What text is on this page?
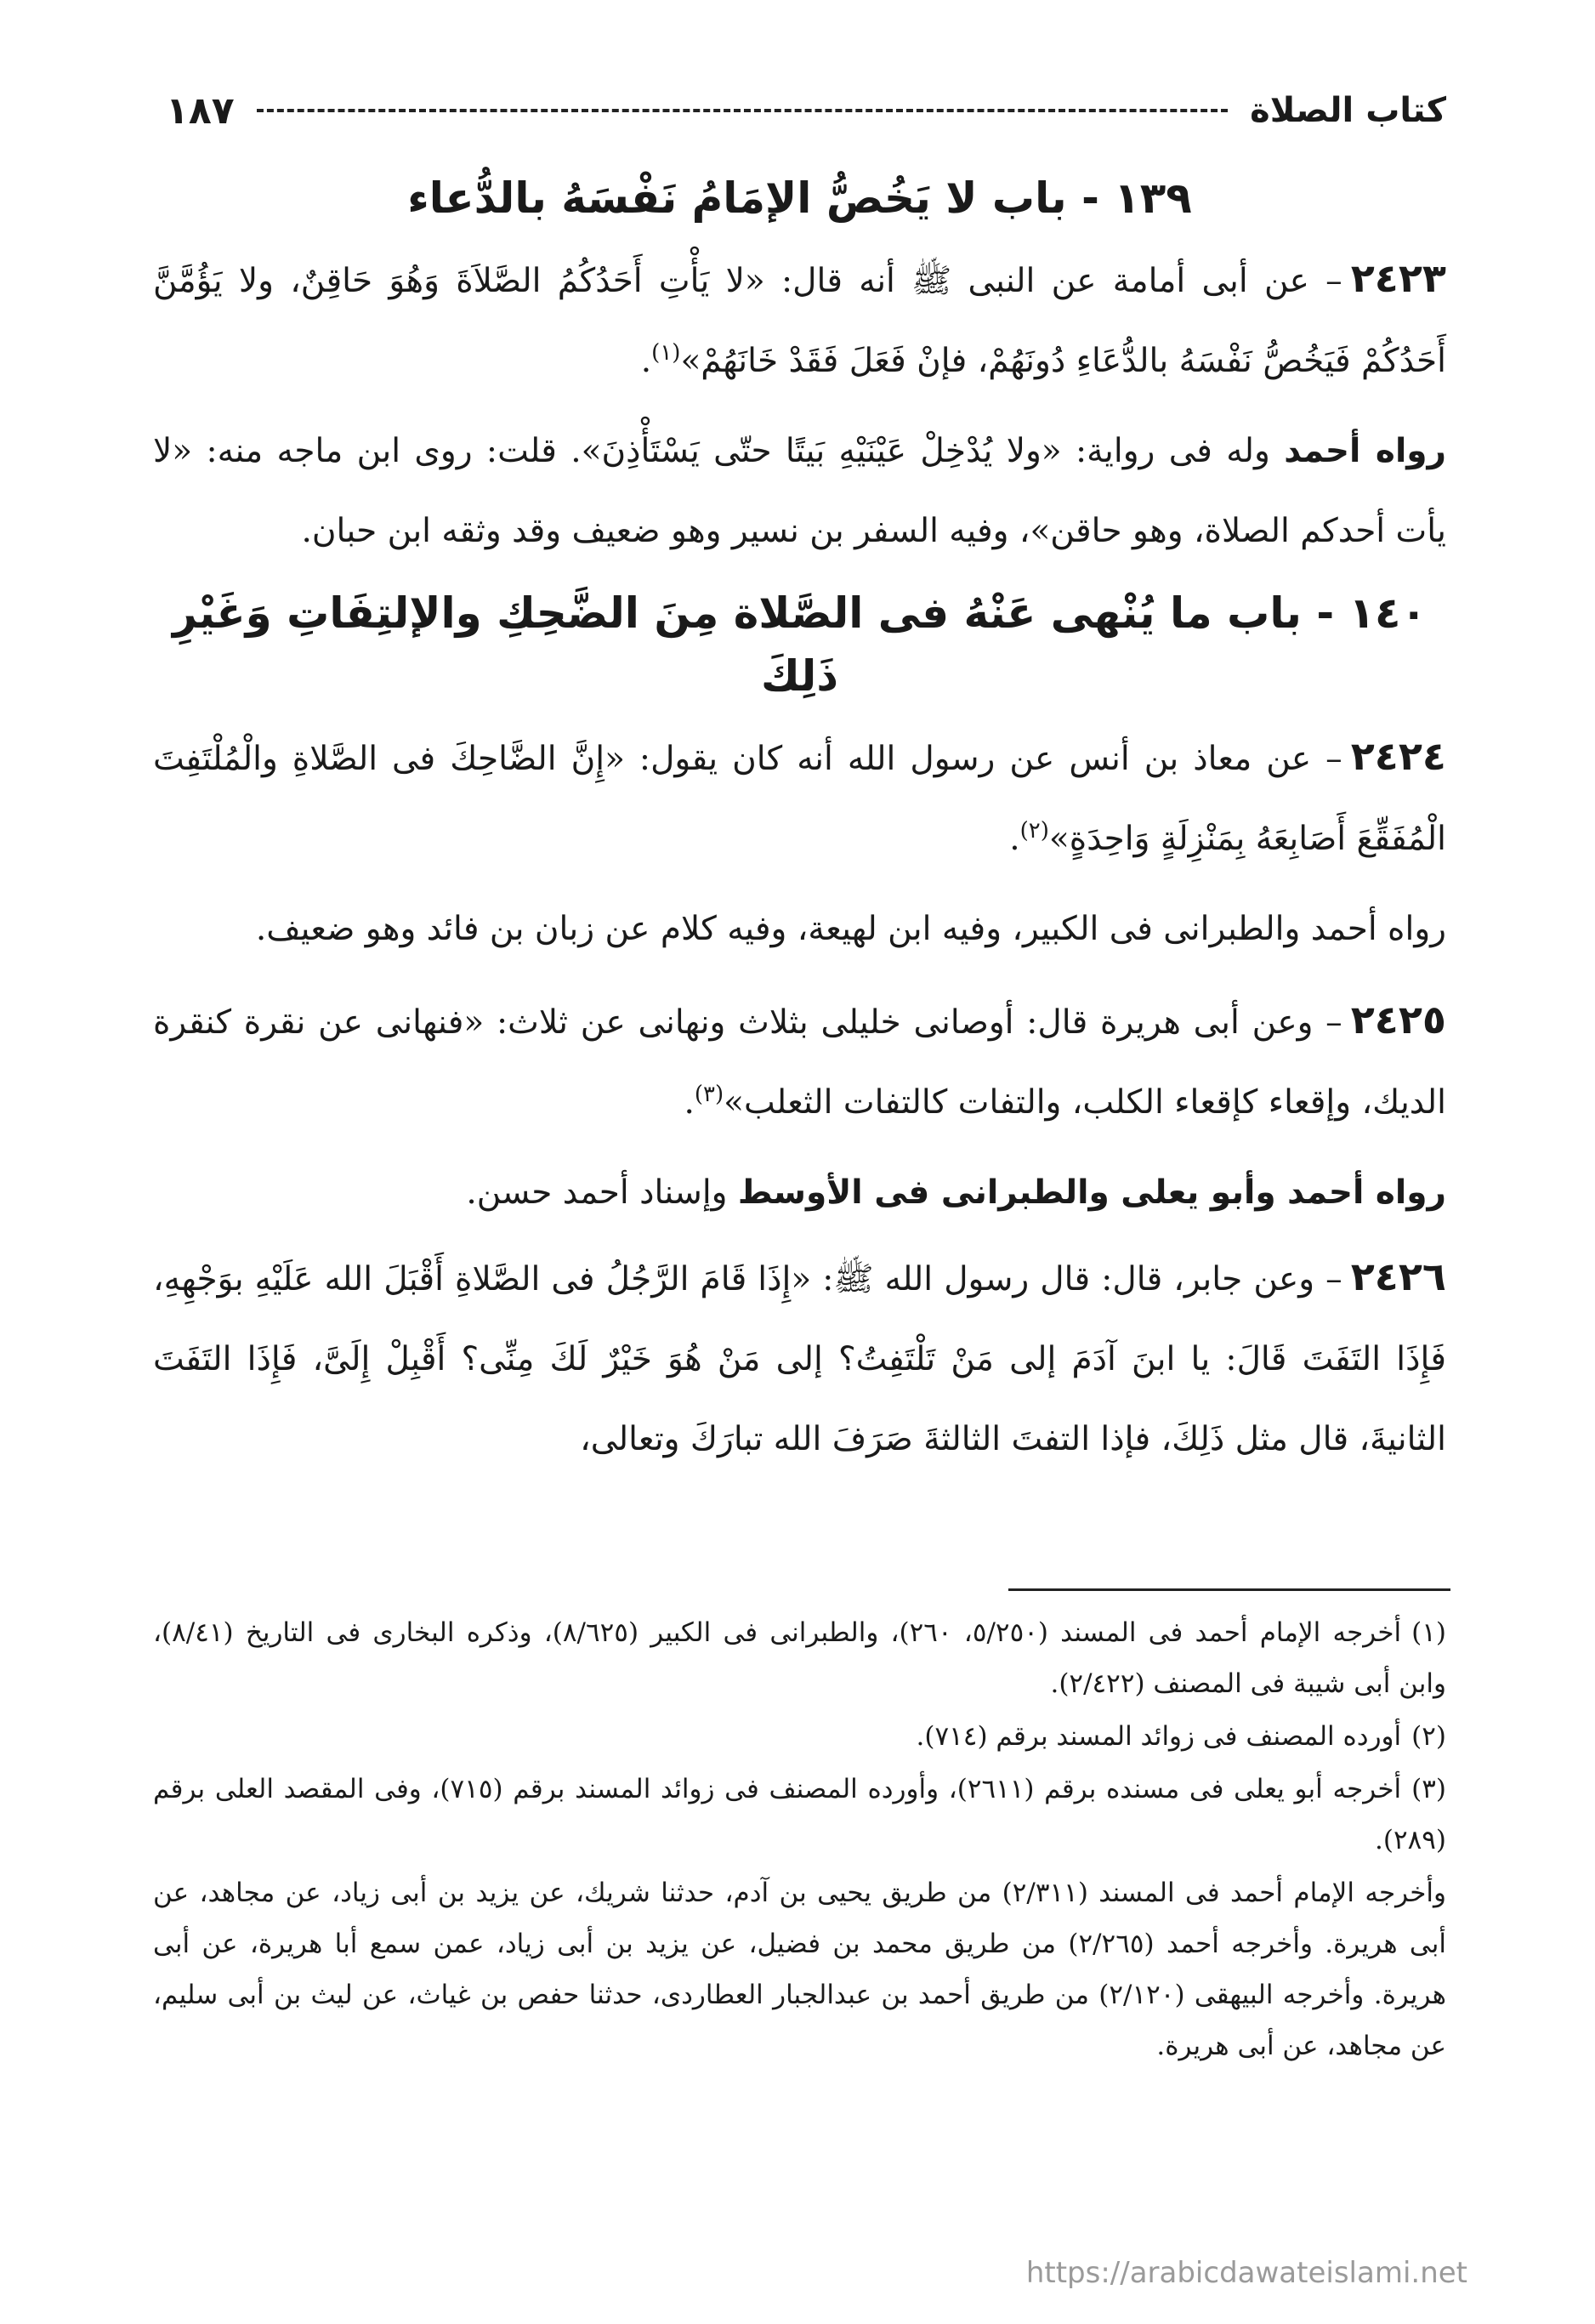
كتاب الصلاة
١٨٧
١٣٩ - باب لا يَخُصُّ الإمَامُ نَفْسَهُ بالدُّعاء

٢٤٢٣– عن أبى أمامة عن النبى ﷺ أنه قال: «لا يَأْتِ أَحَدُكُمُ الصَّلاَةَ وَهُوَ حَاقِنٌ، ولا يَؤُمَّنَّ أَحَدُكُمْ فَيَخُصُّ نَفْسَهُ بالدُّعَاءِ دُونَهُمْ، فإنْ فَعَلَ فَقَدْ خَانَهُمْ»$^{(١)}$.

رواه أحمد وله فى رواية: «ولا يُدْخِلْ عَيْنَيْهِ بَيتًا حتّى يَسْتَأْذِنَ». قلت: روى ابن ماجه منه: «لا يأت أحدكم الصلاة، وهو حاقن»، وفيه السفر بن نسير وهو ضعيف وقد وثقه ابن حبان.

١٤٠ - باب ما يُنْهى عَنْهُ فى الصَّلاة مِنَ الضَّحِكِ والإلتِفَاتِ وَغَيْرِ ذَلِكَ

٢٤٢٤– عن معاذ بن أنس عن رسول الله أنه كان يقول: «إِنَّ الضَّاحِكَ فى الصَّلاةِ والْمُلْتَفِتَ الْمُفَقِّعَ أَصَابِعَهُ بِمَنْزِلَةٍ وَاحِدَةٍ»$^{(٢)}$.

رواه أحمد والطبرانى فى الكبير، وفيه ابن لهيعة، وفيه كلام عن زبان بن فائد وهو ضعيف.

٢٤٢٥– وعن أبى هريرة قال: أوصانى خليلى بثلاث ونهانى عن ثلاث: «فنهانى عن نقرة كنقرة الديك، وإقعاء كإقعاء الكلب، والتفات كالتفات الثعلب»$^{(٣)}$.

رواه أحمد وأبو يعلى والطبرانى فى الأوسط وإسناد أحمد حسن.

٢٤٢٦– وعن جابر، قال: قال رسول الله ﷺ: «إِذَا قَامَ الرَّجُلُ فى الصَّلاةِ أَقْبَلَ الله عَلَيْهِ بوَجْهِهِ، فَإِذَا التَفَتَ قَالَ: يا ابنَ آدَمَ إلى مَنْ تَلْتَفِتُ؟ إلى مَنْ هُوَ خَيْرٌ لَكَ مِنِّى؟ أَقْبِلْ إِلَىَّ، فَإِذَا التَفَتَ الثانيةَ، قال مثل ذَلِكَ، فإذا التفتَ الثالثةَ صَرَفَ الله تبارَكَ وتعالى،

(١)أخرجه الإمام أحمد فى المسند (٥/٢٥٠، ٢٦٠)، والطبرانى فى الكبير (٨/٦٢٥)، وذكره البخارى فى التاريخ (٨/٤١)، وابن أبى شيبة فى المصنف (٢/٤٢٢).

(٢)أورده المصنف فى زوائد المسند برقم (٧١٤).

(٣)أخرجه أبو يعلى فى مسنده برقم (٢٦١١)، وأورده المصنف فى زوائد المسند برقم (٧١٥)، وفى المقصد العلى برقم (٢٨٩).

وأخرجه الإمام أحمد فى المسند (٢/٣١١) من طريق يحيى بن آدم، حدثنا شريك، عن يزيد بن أبى زياد، عن مجاهد، عن أبى هريرة. وأخرجه أحمد (٢/٢٦٥) من طريق محمد بن فضيل، عن يزيد بن أبى زياد، عمن سمع أبا هريرة، عن أبى هريرة. وأخرجه البيهقى (٢/١٢٠) من طريق أحمد بن عبدالجبار العطاردى، حدثنا حفص بن غياث، عن ليث بن أبى سليم، عن مجاهد، عن أبى هريرة.

https://arabicdawateislami.net
